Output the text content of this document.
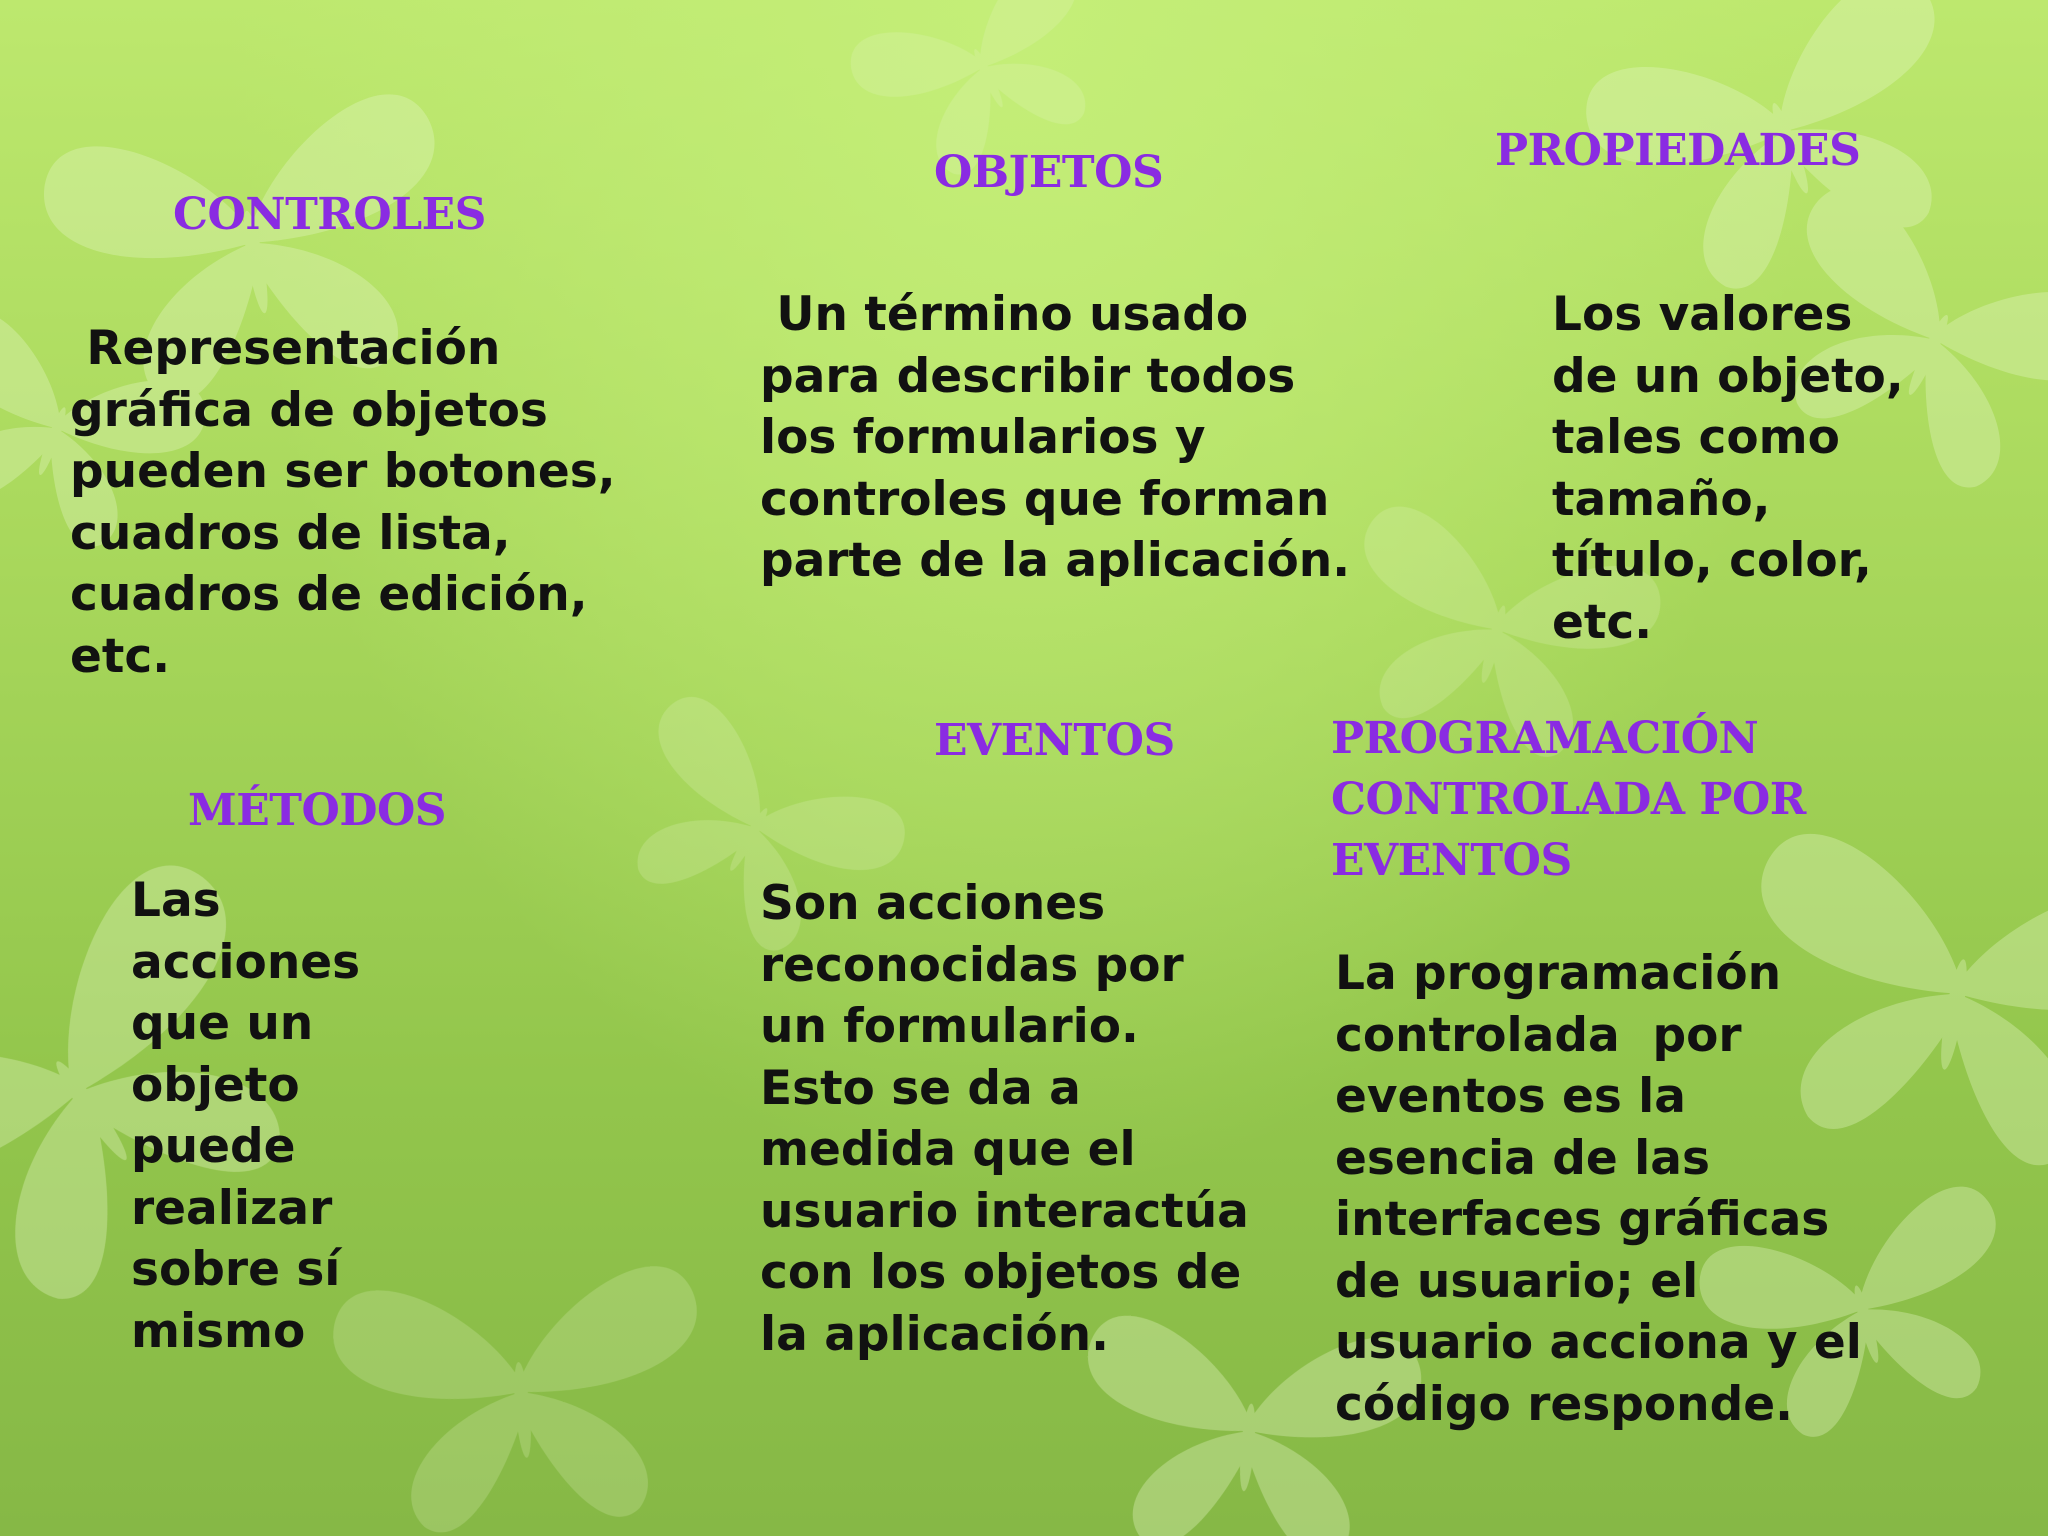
CONTROLES

Representación
gráfica de objetos
pueden ser botones,
cuadros de lista,
cuadros de edición,
etc.

OBJETOS

Un término usado
para describir todos
los formularios y
controles que forman
parte de la aplicación.

PROPIEDADES

Los valores
de un objeto,
tales como
tamaño,
título, color,
etc.

MÉTODOS

Las
acciones
que un
objeto
puede
realizar
sobre sí
mismo

EVENTOS

Son acciones
reconocidas por
un formulario.
Esto se da a
medida que el
usuario interactúa
con los objetos de
la aplicación.

PROGRAMACIÓN
CONTROLADA POR
EVENTOS

La programación
controlada  por
eventos es la
esencia de las
interfaces gráficas
de usuario; el
usuario acciona y el
código responde.
